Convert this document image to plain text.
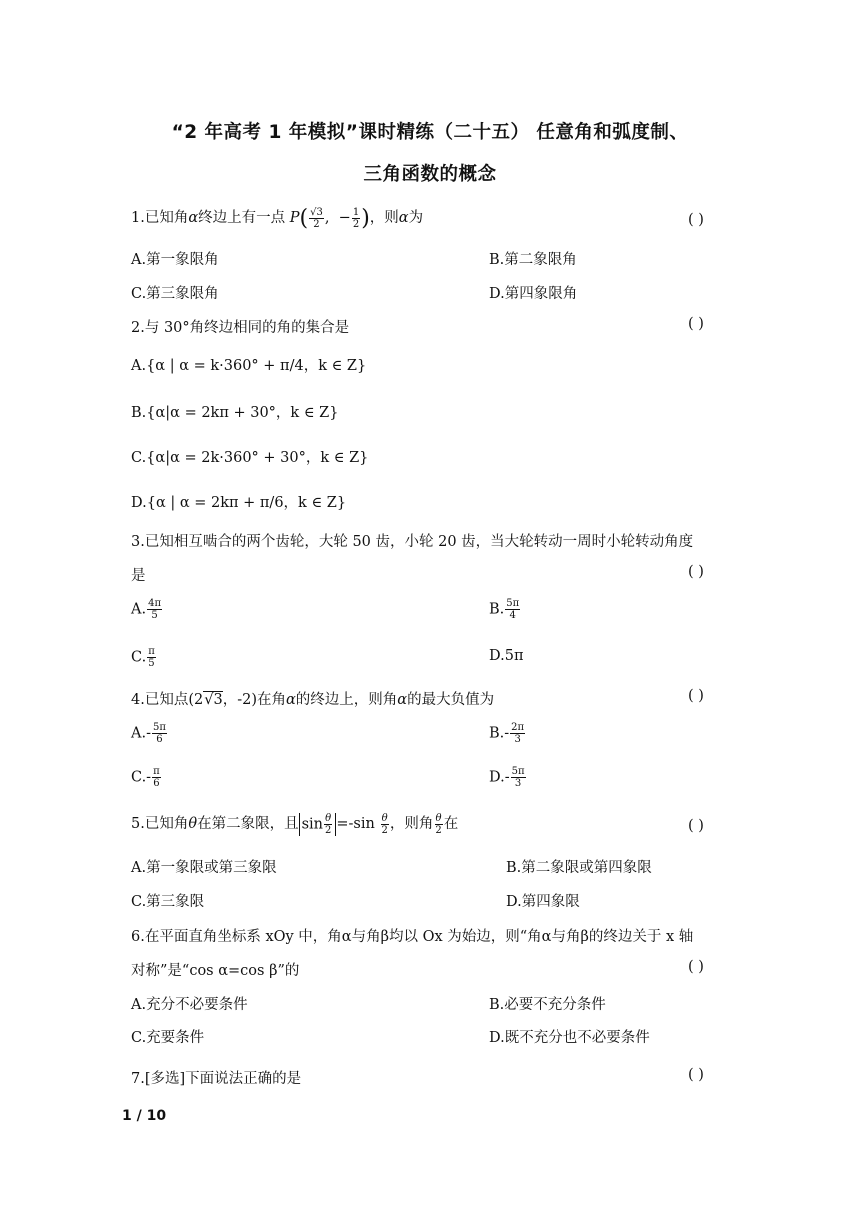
“2 年高考 1 年模拟”课时精练（二十五） 任意角和弧度制、
三角函数的概念
1.已知角α终边上有一点 $P( \frac{√3}{2}$ ,  − $\frac{1}{2}$ )，则α为	( )
A.第一象限角	B.第二象限角
C.第三象限角	D.第四象限角
2.与 30°角终边相同的角的集合是	( )
A.{α | α = k·360° + π/4，k ∈ Z}
B.{α|α = 2kπ + 30°，k ∈ Z}
C.{α|α = 2k·360° + 30°，k ∈ Z}
D.{α | α = 2kπ + π/6，k ∈ Z}
3.已知相互啮合的两个齿轮，大轮 50 齿，小轮 20 齿，当大轮转动一周时小轮转动角度
是	( )
A. $\frac{4\pi}{5}$	B. $\frac{5\pi}{4}$
C. $\frac{\pi}{5}$	D.5π
4.已知点(2√3，-2)在角α的终边上，则角α的最大负值为	( )
$A.- \frac{5\pi}{6}$	$B.- \frac{2\pi}{3}$
$C.- \frac{\pi}{6}$	$D.- \frac{5\pi}{3}$
5.已知角θ在第二象限，且 $\sin \frac{\theta}{2} =-\sin \frac{\theta}{2}$ ，则角 $\frac{\theta}{2}$ 在	( )
A.第一象限或第三象限	B.第二象限或第四象限
C.第三象限	D.第四象限
6.在平面直角坐标系 xOy 中，角α与角β均以 Ox 为始边，则“角α与角β的终边关于 x 轴
对称”是“cos α=cos β”的	( )
A.充分不必要条件	B.必要不充分条件
C.充要条件	D.既不充分也不必要条件
7.[多选]下面说法正确的是	( )
1 / 10
